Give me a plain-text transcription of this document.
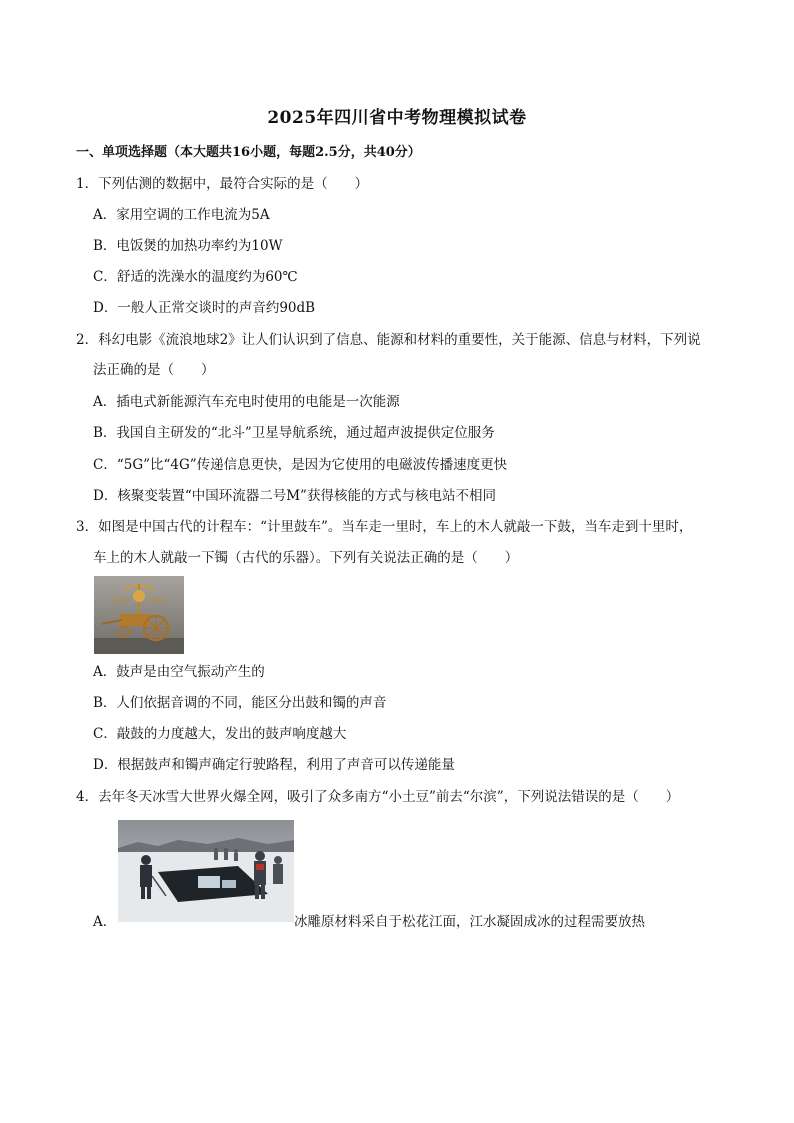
2025年四川省中考物理模拟试卷
一、单项选择题（本大题共16小题，每题2.5分，共40分）
1．下列估测的数据中，最符合实际的是（　　）
A．家用空调的工作电流为5A
B．电饭煲的加热功率约为10W
C．舒适的洗澡水的温度约为60℃
D．一般人正常交谈时的声音约90dB
2．科幻电影《流浪地球2》让人们认识到了信息、能源和材料的重要性，关于能源、信息与材料，下列说
法正确的是（　　）
A．插电式新能源汽车充电时使用的电能是一次能源
B．我国自主研发的“北斗”卫星导航系统，通过超声波提供定位服务
C．“5G”比“4G”传递信息更快，是因为它使用的电磁波传播速度更快
D．核聚变装置“中国环流器二号M”获得核能的方式与核电站不相同
3．如图是中国古代的计程车：“计里鼓车”。当车走一里时，车上的木人就敲一下鼓，当车走到十里时，
车上的木人就敲一下镯（古代的乐器）。下列有关说法正确的是（　　）
A．鼓声是由空气振动产生的
B．人们依据音调的不同，能区分出鼓和镯的声音
C．敲鼓的力度越大，发出的鼓声响度越大
D．根据鼓声和镯声确定行驶路程，利用了声音可以传递能量
4．去年冬天冰雪大世界火爆全网，吸引了众多南方“小土豆”前去“尔滨”，下列说法错误的是（　　）
A．	冰雕原材料采自于松花江面，江水凝固成冰的过程需要放热
